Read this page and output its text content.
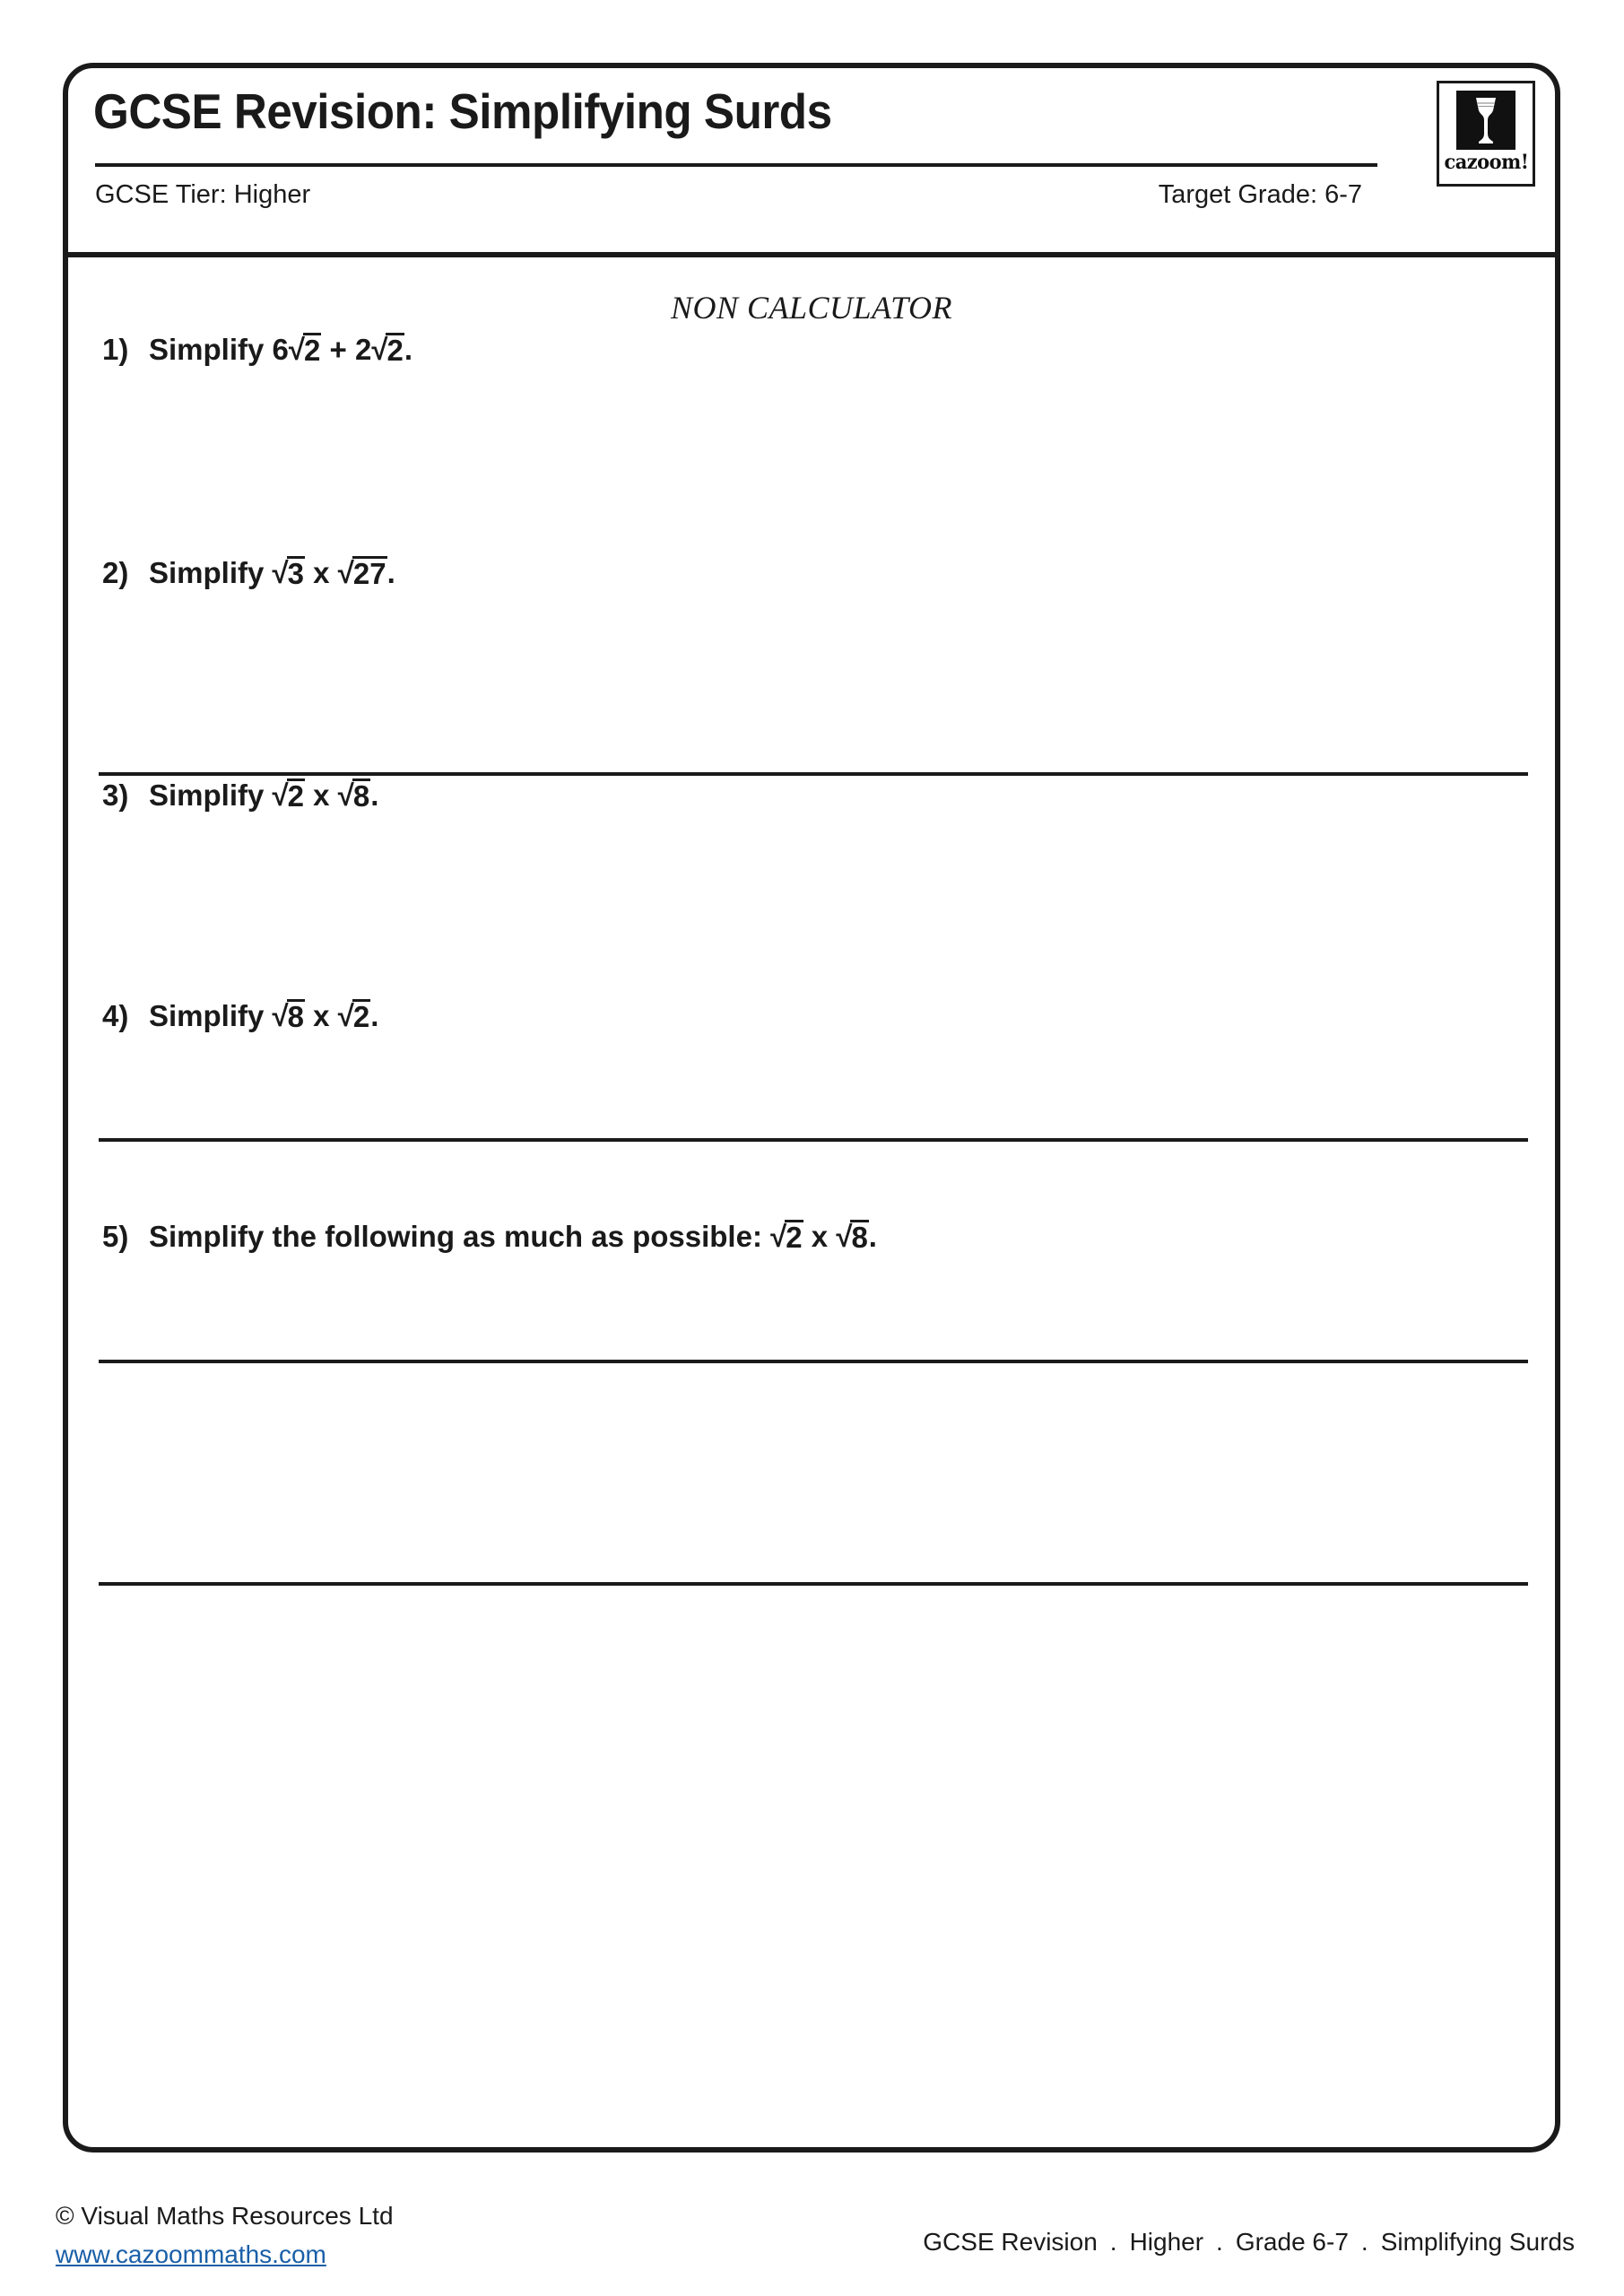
GCSE Revision: Simplifying Surds
GCSE Tier: Higher	Target Grade: 6-7
cazoom!
NON CALCULATOR
1) Simplify 6√2 + 2√2.
2) Simplify √3 x √27.
3) Simplify √2 x √8.
4) Simplify √8 x √2.
5) Simplify the following as much as possible: √2 x √8.
© Visual Maths Resources Ltd
www.cazoommaths.com	GCSE Revision . Higher . Grade 6-7 . Simplifying Surds
